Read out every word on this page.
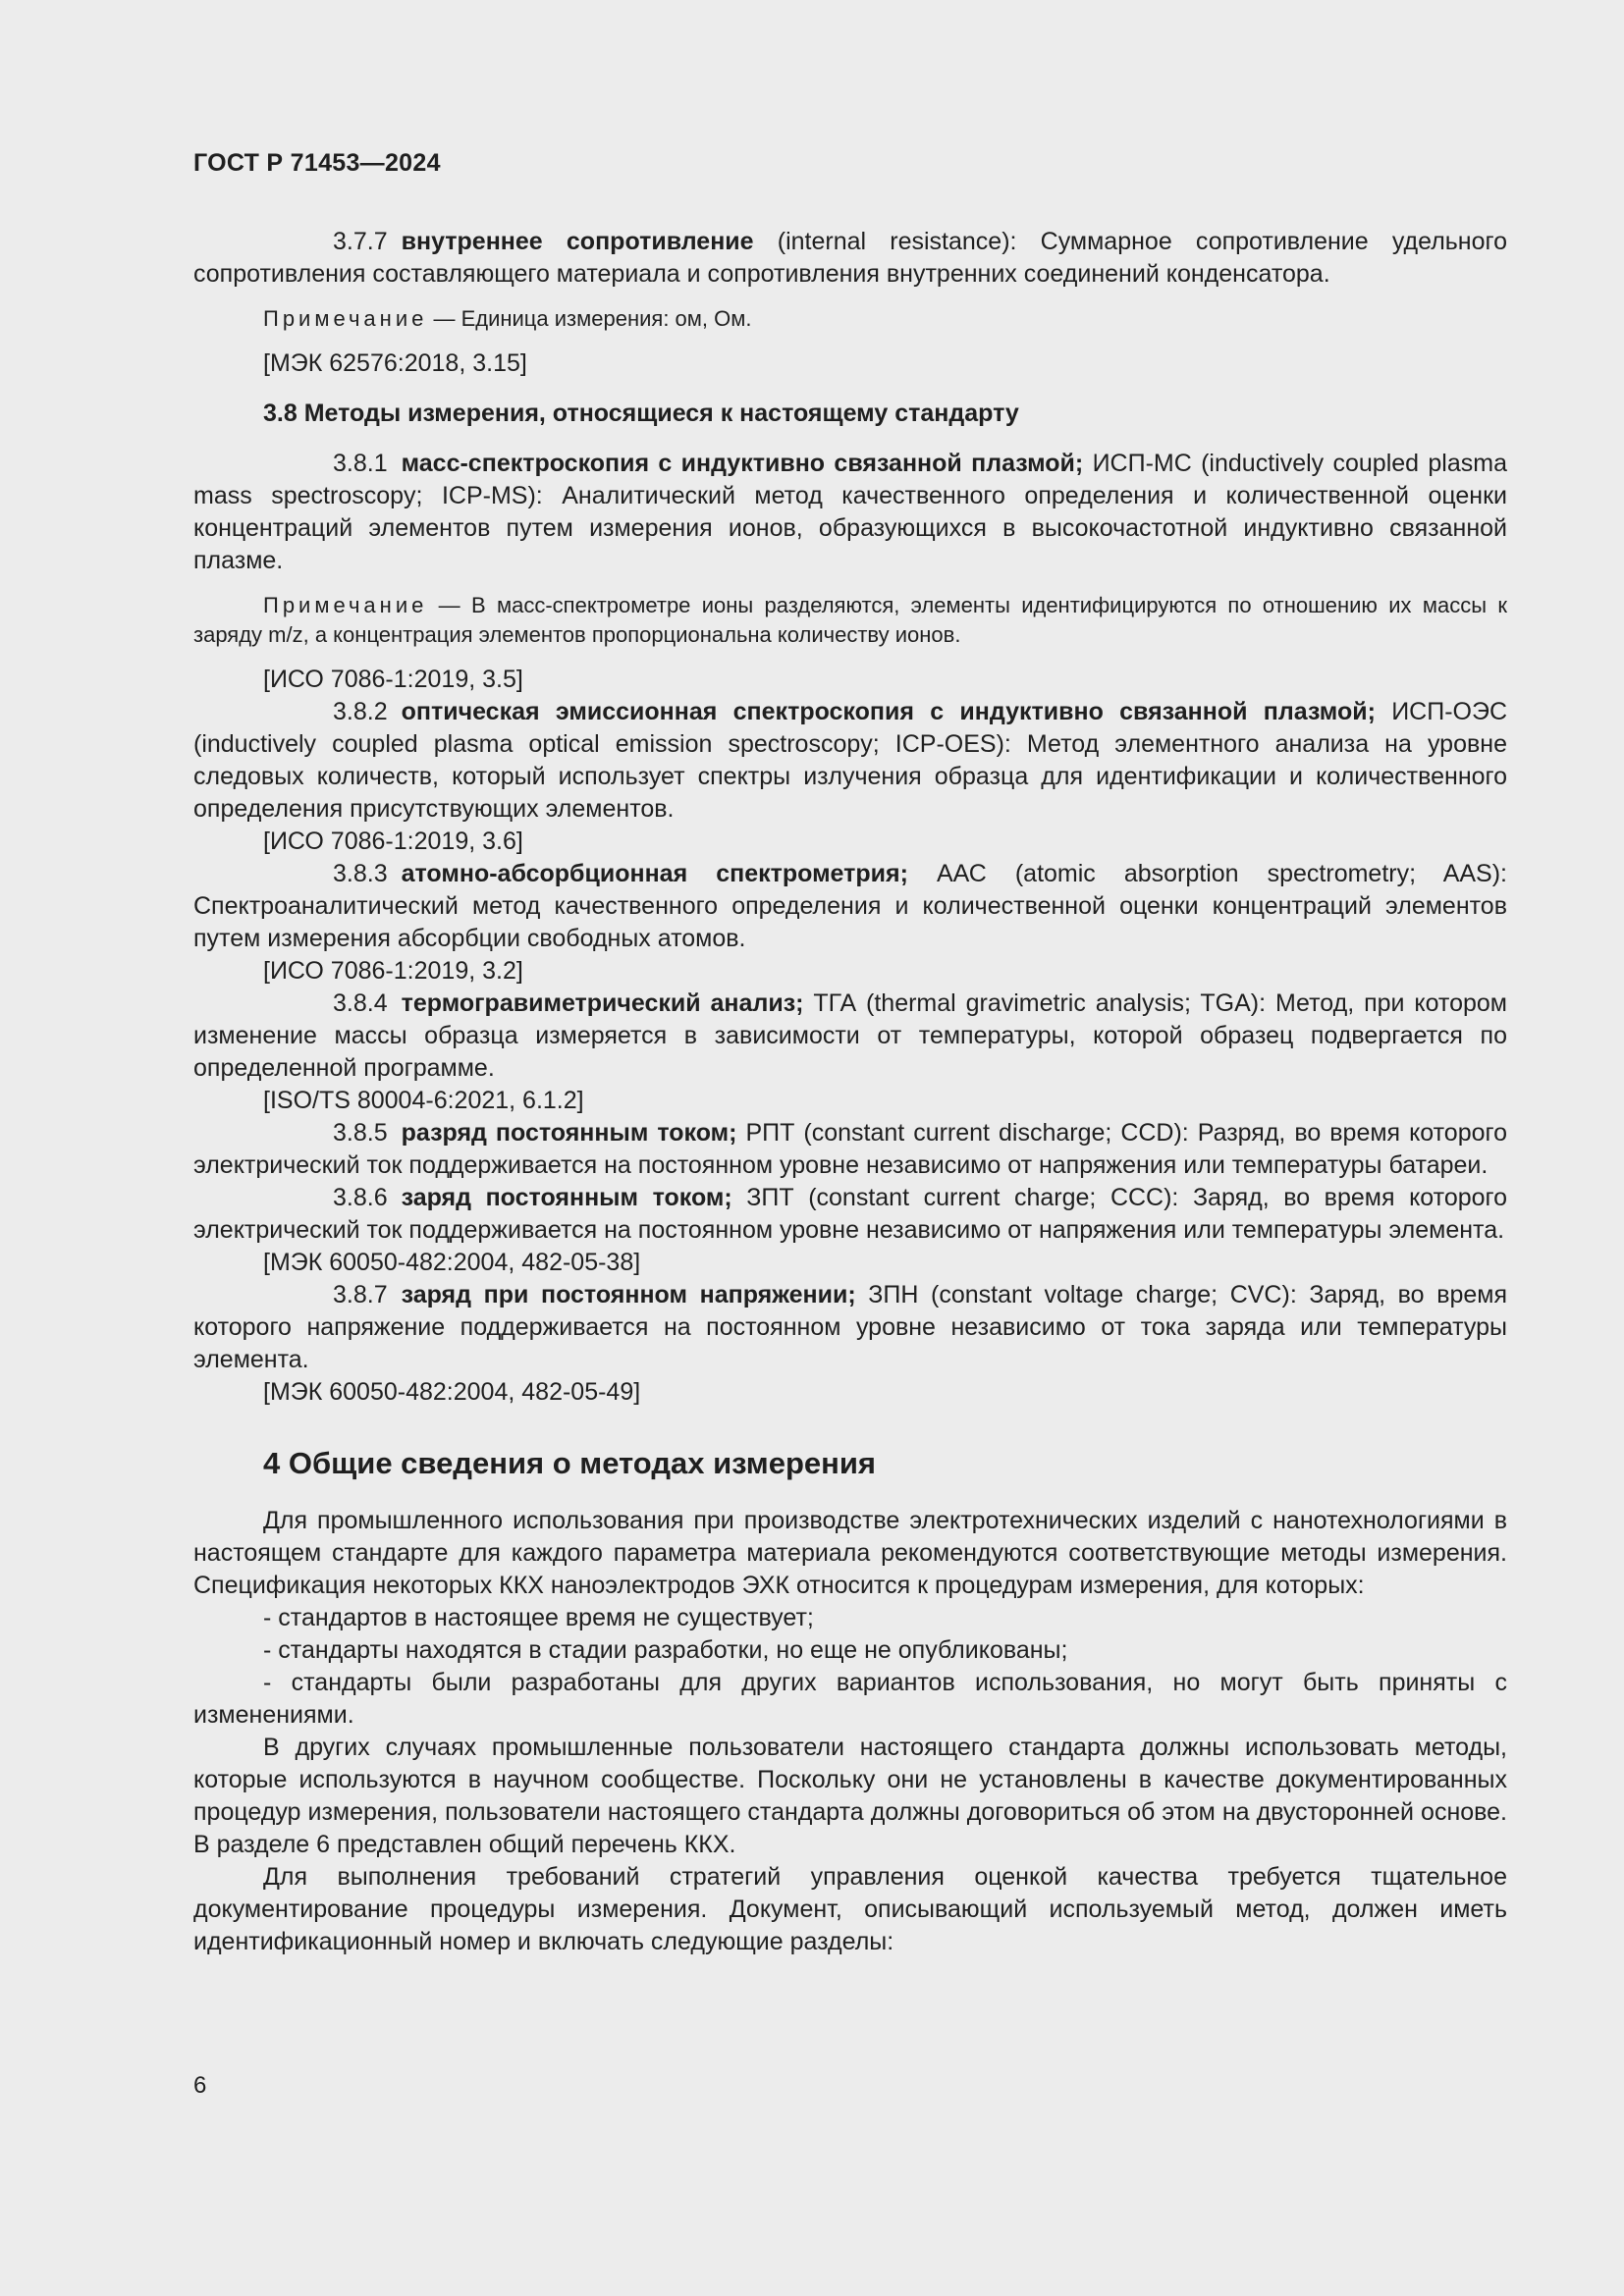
ГОСТ Р 71453—2024

3.7.7 внутреннее сопротивление (internal resistance): Суммарное сопротивление удельного сопротивления составляющего материала и сопротивления внутренних соединений конденсатора.

Примечание — Единица измерения: ом, Ом.

[МЭК 62576:2018, 3.15]

3.8 Методы измерения, относящиеся к настоящему стандарту

3.8.1 масс-спектроскопия с индуктивно связанной плазмой; ИСП-МС (inductively coupled plasma mass spectroscopy; ICP-MS): Аналитический метод качественного определения и количественной оценки концентраций элементов путем измерения ионов, образующихся в высокочастотной индуктивно связанной плазме.

Примечание — В масс-спектрометре ионы разделяются, элементы идентифицируются по отношению их массы к заряду m/z, а концентрация элементов пропорциональна количеству ионов.

[ИСО 7086-1:2019, 3.5]

3.8.2 оптическая эмиссионная спектроскопия с индуктивно связанной плазмой; ИСП-ОЭС (inductively coupled plasma optical emission spectroscopy; ICP-OES): Метод элементного анализа на уровне следовых количеств, который использует спектры излучения образца для идентификации и количественного определения присутствующих элементов.

[ИСО 7086-1:2019, 3.6]

3.8.3 атомно-абсорбционная спектрометрия; ААС (atomic absorption spectrometry; AAS): Спектроаналитический метод качественного определения и количественной оценки концентраций элементов путем измерения абсорбции свободных атомов.

[ИСО 7086-1:2019, 3.2]

3.8.4 термогравиметрический анализ; ТГА (thermal gravimetric analysis; TGA): Метод, при котором изменение массы образца измеряется в зависимости от температуры, которой образец подвергается по определенной программе.

[ISO/TS 80004-6:2021, 6.1.2]

3.8.5 разряд постоянным током; РПТ (constant current discharge; CCD): Разряд, во время которого электрический ток поддерживается на постоянном уровне независимо от напряжения или температуры батареи.

3.8.6 заряд постоянным током; ЗПТ (constant current charge; CCC): Заряд, во время которого электрический ток поддерживается на постоянном уровне независимо от напряжения или температуры элемента.

[МЭК 60050-482:2004, 482-05-38]

3.8.7 заряд при постоянном напряжении; ЗПН (constant voltage charge; CVC): Заряд, во время которого напряжение поддерживается на постоянном уровне независимо от тока заряда или температуры элемента.

[МЭК 60050-482:2004, 482-05-49]

4 Общие сведения о методах измерения

Для промышленного использования при производстве электротехнических изделий с нанотехнологиями в настоящем стандарте для каждого параметра материала рекомендуются соответствующие методы измерения. Спецификация некоторых ККХ наноэлектродов ЭХК относится к процедурам измерения, для которых:

- стандартов в настоящее время не существует;

- стандарты находятся в стадии разработки, но еще не опубликованы;

- стандарты были разработаны для других вариантов использования, но могут быть приняты с изменениями.

В других случаях промышленные пользователи настоящего стандарта должны использовать методы, которые используются в научном сообществе. Поскольку они не установлены в качестве документированных процедур измерения, пользователи настоящего стандарта должны договориться об этом на двусторонней основе. В разделе 6 представлен общий перечень ККХ.

Для выполнения требований стратегий управления оценкой качества требуется тщательное документирование процедуры измерения. Документ, описывающий используемый метод, должен иметь идентификационный номер и включать следующие разделы:

6
